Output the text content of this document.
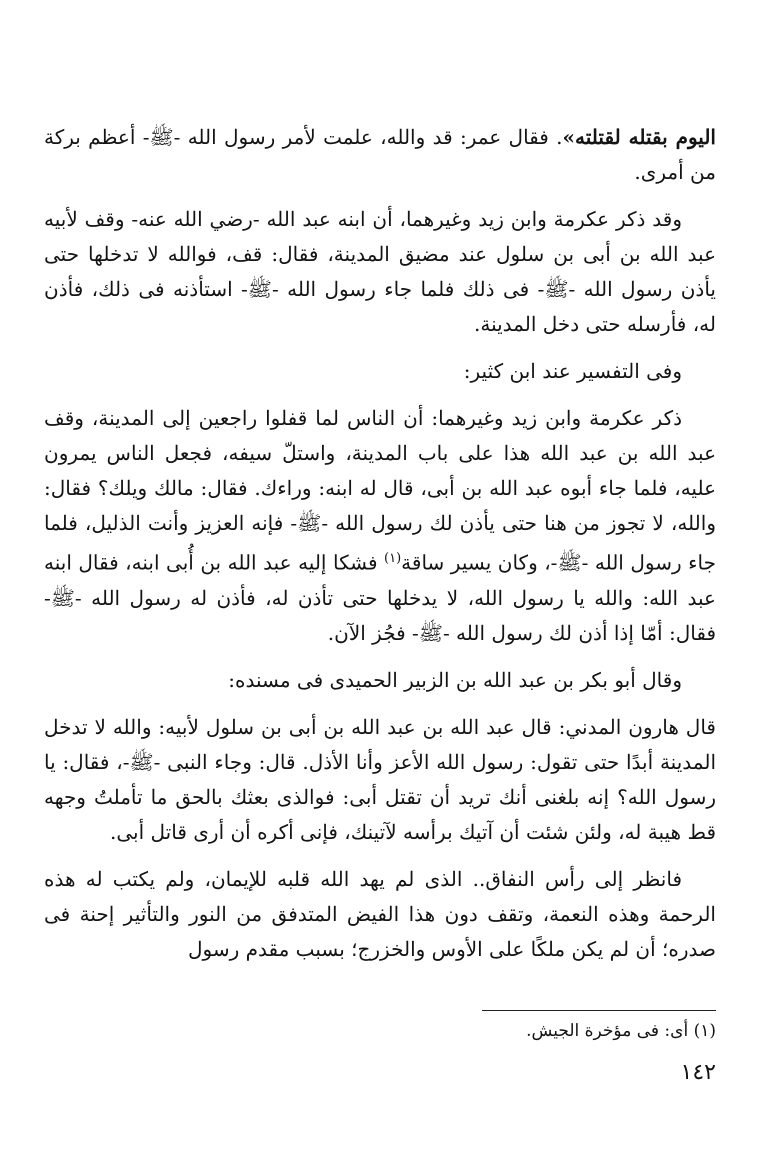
اليوم بقتله لقتلته». فقال عمر: قد والله، علمت لأمر رسول الله -ﷺ- أعظم بركة من أمرى.

وقد ذكر عكرمة وابن زيد وغيرهما، أن ابنه عبد الله -رضي الله عنه- وقف لأبيه عبد الله بن أبى بن سلول عند مضيق المدينة، فقال: قف، فوالله لا تدخلها حتى يأذن رسول الله -ﷺ- فى ذلك فلما جاء رسول الله -ﷺ- استأذنه فى ذلك، فأذن له، فأرسله حتى دخل المدينة.

وفى التفسير عند ابن كثير:

ذكر عكرمة وابن زيد وغيرهما: أن الناس لما قفلوا راجعين إلى المدينة، وقف عبد الله بن عبد الله هذا على باب المدينة، واستلّ سيفه، فجعل الناس يمرون عليه، فلما جاء أبوه عبد الله بن أبى، قال له ابنه: وراءك. فقال: مالك ويلك؟ فقال: والله، لا تجوز من هنا حتى يأذن لك رسول الله -ﷺ- فإنه العزيز وأنت الذليل، فلما جاء رسول الله -ﷺ-، وكان يسير ساقة$^{(١)}$ فشكا إليه عبد الله بن أُبى ابنه، فقال ابنه عبد الله: والله يا رسول الله، لا يدخلها حتى تأذن له، فأذن له رسول الله -ﷺ- فقال: أمّا إذا أذن لك رسول الله -ﷺ- فجُز الآن.

وقال أبو بكر بن عبد الله بن الزبير الحميدى فى مسنده:

قال هارون المدني: قال عبد الله بن عبد الله بن أبى بن سلول لأبيه: والله لا تدخل المدينة أبدًا حتى تقول: رسول الله الأعز وأنا الأذل. قال: وجاء النبى -ﷺ-، فقال: يا رسول الله؟ إنه بلغنى أنك تريد أن تقتل أبى: فوالذى بعثك بالحق ما تأملتُ وجهه قط هيبة له، ولئن شئت أن آتيك برأسه لآتينك، فإنى أكره أن أرى قاتل أبى.

فانظر إلى رأس النفاق.. الذى لم يهد الله قلبه للإيمان، ولم يكتب له هذه الرحمة وهذه النعمة، وتقف دون هذا الفيض المتدفق من النور والتأثير إحنة فى صدره؛ أن لم يكن ملكًا على الأوس والخزرج؛ بسبب مقدم رسول

(١) أى: فى مؤخرة الجيش.

١٤٢
